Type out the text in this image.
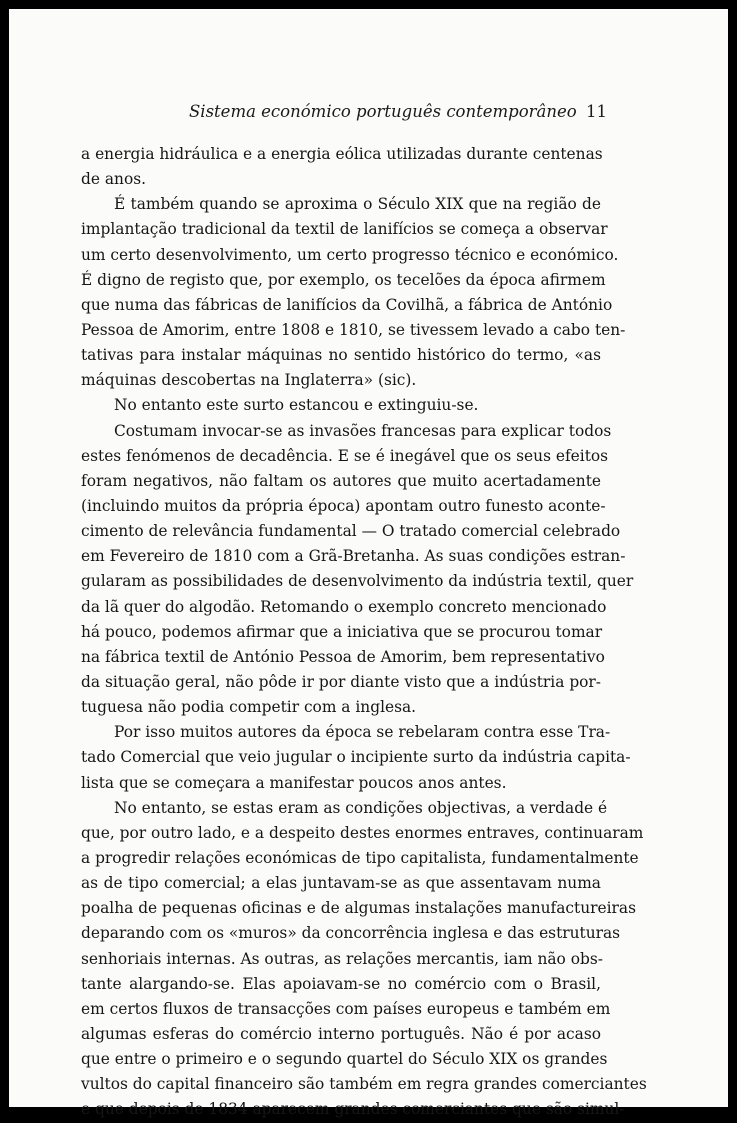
Sistema económico português contemporâneo 11
a energia hidráulica e a energia eólica utilizadas durante centenas
de anos.
É também quando se aproxima o Século XIX que na região de
implantação tradicional da textil de lanifícios se começa a observar
um certo desenvolvimento, um certo progresso técnico e económico.
É digno de registo que, por exemplo, os tecelões da época afirmem
que numa das fábricas de lanifícios da Covilhã, a fábrica de António
Pessoa de Amorim, entre 1808 e 1810, se tivessem levado a cabo ten-
tativas para instalar máquinas no sentido histórico do termo, «as
máquinas descobertas na Inglaterra» (sic).
No entanto este surto estancou e extinguiu-se.
Costumam invocar-se as invasões francesas para explicar todos
estes fenómenos de decadência. E se é inegável que os seus efeitos
foram negativos, não faltam os autores que muito acertadamente
(incluindo muitos da própria época) apontam outro funesto aconte-
cimento de relevância fundamental — O tratado comercial celebrado
em Fevereiro de 1810 com a Grã-Bretanha. As suas condições estran-
gularam as possibilidades de desenvolvimento da indústria textil, quer
da lã quer do algodão. Retomando o exemplo concreto mencionado
há pouco, podemos afirmar que a iniciativa que se procurou tomar
na fábrica textil de António Pessoa de Amorim, bem representativo
da situação geral, não pôde ir por diante visto que a indústria por-
tuguesa não podia competir com a inglesa.
Por isso muitos autores da época se rebelaram contra esse Tra-
tado Comercial que veio jugular o incipiente surto da indústria capita-
lista que se começara a manifestar poucos anos antes.
No entanto, se estas eram as condições objectivas, a verdade é
que, por outro lado, e a despeito destes enormes entraves, continuaram
a progredir relações económicas de tipo capitalista, fundamentalmente
as de tipo comercial; a elas juntavam-se as que assentavam numa
poalha de pequenas oficinas e de algumas instalações manufactureiras
deparando com os «muros» da concorrência inglesa e das estruturas
senhoriais internas. As outras, as relações mercantis, iam não obs-
tante alargando-se. Elas apoiavam-se no comércio com o Brasil,
em certos fluxos de transacções com países europeus e também em
algumas esferas do comércio interno português. Não é por acaso
que entre o primeiro e o segundo quartel do Século XIX os grandes
vultos do capital financeiro são também em regra grandes comerciantes
e que depois de 1834 aparecem grandes comerciantes que são simul-
